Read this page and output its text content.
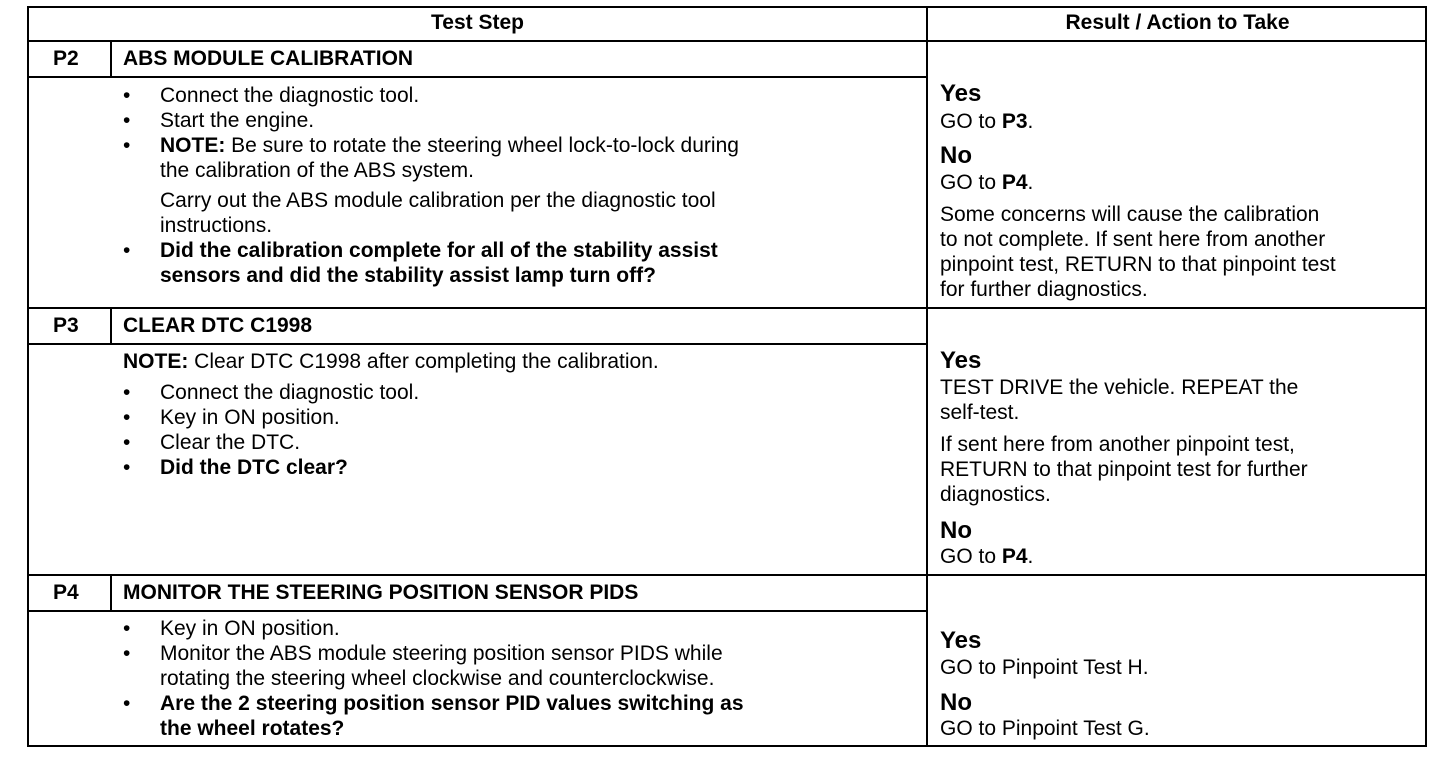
Test Step	Result / Action to Take
P2 ABS MODULE CALIBRATION
• Connect the diagnostic tool.
• Start the engine.
• NOTE: Be sure to rotate the steering wheel lock-to-lock during
the calibration of the ABS system.
Carry out the ABS module calibration per the diagnostic tool
instructions.
• Did the calibration complete for all of the stability assist
sensors and did the stability assist lamp turn off?
Yes
GO to P3.
No
GO to P4.
Some concerns will cause the calibration
to not complete. If sent here from another
pinpoint test, RETURN to that pinpoint test
for further diagnostics.
P3 CLEAR DTC C1998
NOTE: Clear DTC C1998 after completing the calibration.
• Connect the diagnostic tool.
• Key in ON position.
• Clear the DTC.
• Did the DTC clear?
Yes
TEST DRIVE the vehicle. REPEAT the
self-test.
If sent here from another pinpoint test,
RETURN to that pinpoint test for further
diagnostics.
No
GO to P4.
P4 MONITOR THE STEERING POSITION SENSOR PIDS
• Key in ON position.
• Monitor the ABS module steering position sensor PIDS while
rotating the steering wheel clockwise and counterclockwise.
• Are the 2 steering position sensor PID values switching as
the wheel rotates?
Yes
GO to Pinpoint Test H.
No
GO to Pinpoint Test G.
